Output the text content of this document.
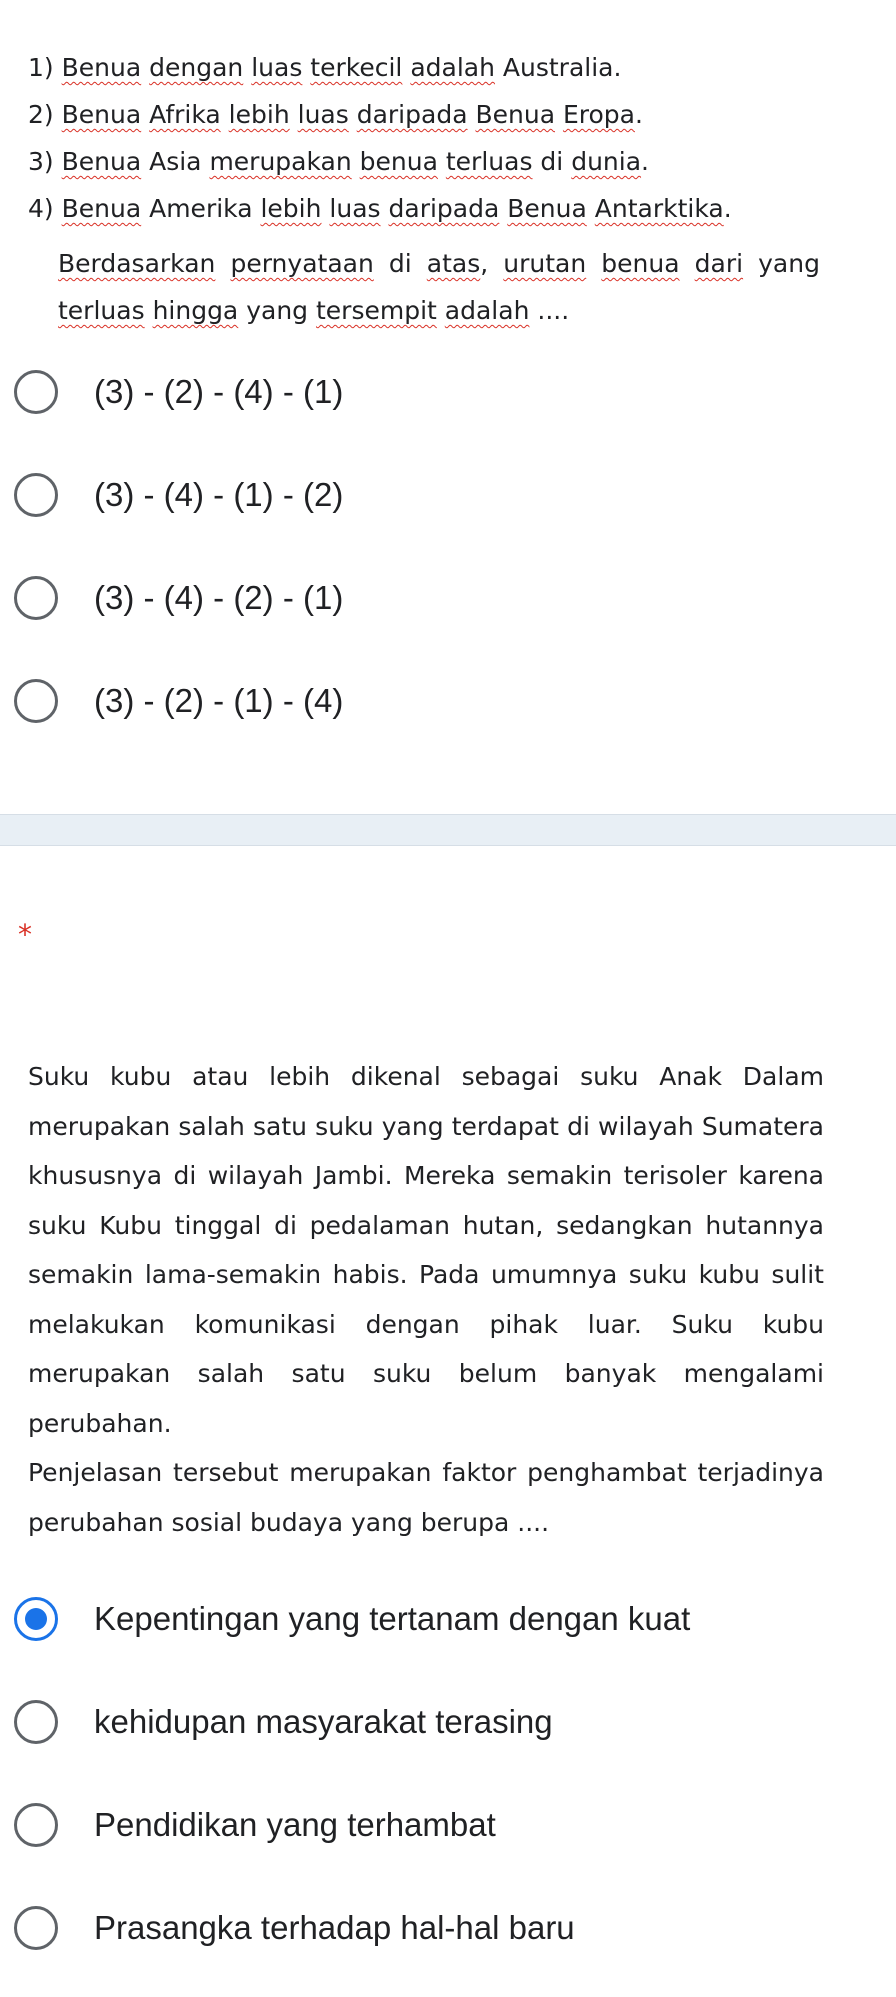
1) Benua dengan luas terkecil adalah Australia.
2) Benua Afrika lebih luas daripada Benua Eropa.
3) Benua Asia merupakan benua terluas di dunia.
4) Benua Amerika lebih luas daripada Benua Antarktika.
Berdasarkan pernyataan di atas, urutan benua dari yang terluas hingga yang tersempit adalah ....
(3) - (2) - (4) - (1)
(3) - (4) - (1) - (2)
(3) - (4) - (2) - (1)
(3) - (2) - (1) - (4)
*

Suku kubu atau lebih dikenal sebagai suku Anak Dalam merupakan salah satu suku yang terdapat di wilayah Sumatera khususnya di wilayah Jambi. Mereka semakin terisoler karena suku Kubu tinggal di pedalaman hutan, sedangkan hutannya semakin lama-semakin habis. Pada umumnya suku kubu sulit melakukan komunikasi dengan pihak luar. Suku kubu merupakan salah satu suku belum banyak mengalami perubahan.

Penjelasan tersebut merupakan faktor penghambat terjadinya perubahan sosial budaya yang berupa ....

Kepentingan yang tertanam dengan kuat
kehidupan masyarakat terasing
Pendidikan yang terhambat
Prasangka terhadap hal-hal baru
